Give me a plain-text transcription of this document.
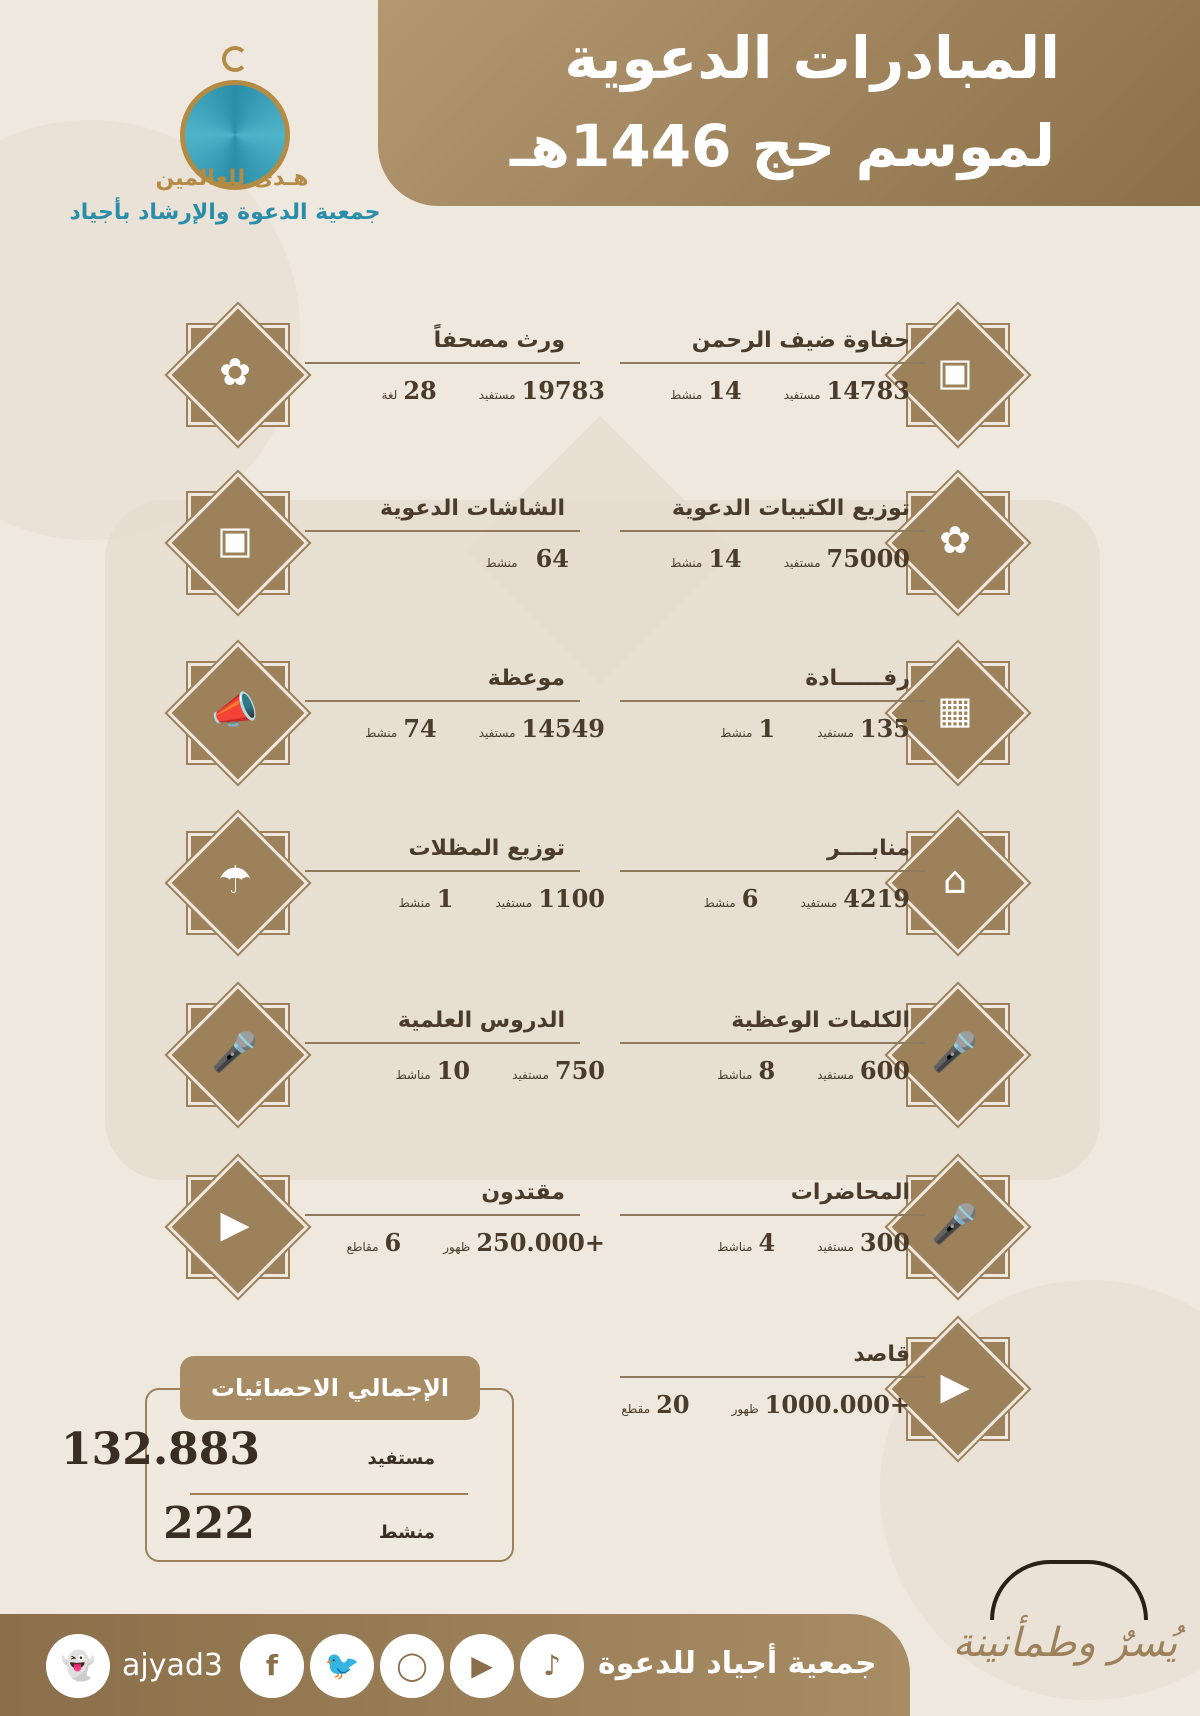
المبادرات الدعوية
لموسم حج 1446هـ
هـدى للعالمين
جمعية الدعوة والإرشاد بأجياد
▣
حفاوة ضيف الرحمن
14783مستفيد14منشط
✿
ورث مصحفاً
19783مستفيد28لغة
✿
توزيع الكتيبات الدعوية
75000مستفيد14منشط
▣
الشاشات الدعوية
64منشط
▦
رفــــــادة
135مستفيد1منشط
📣
موعظة
14549مستفيد74منشط
⌂
منابــــر
4219مستفيد6منشط
☂
توزيع المظلات
1100مستفيد1منشط
🎤
الكلمات الوعظية
600مستفيد8مناشط
🎤
الدروس العلمية
750مستفيد10مناشط
🎤
المحاضرات
300مستفيد4مناشط
▶
مقتدون
+250.000ظهور6مقاطع
▶
قاصد
+1000.000ظهور20مقطع
الإجمالي الاحصائيات
132.883	مستفيد
222	منشط
👻 ajyad3	f	🐦	◯	▶	♪	جمعية أجياد للدعوة يُسرٌ وطمأنينة
